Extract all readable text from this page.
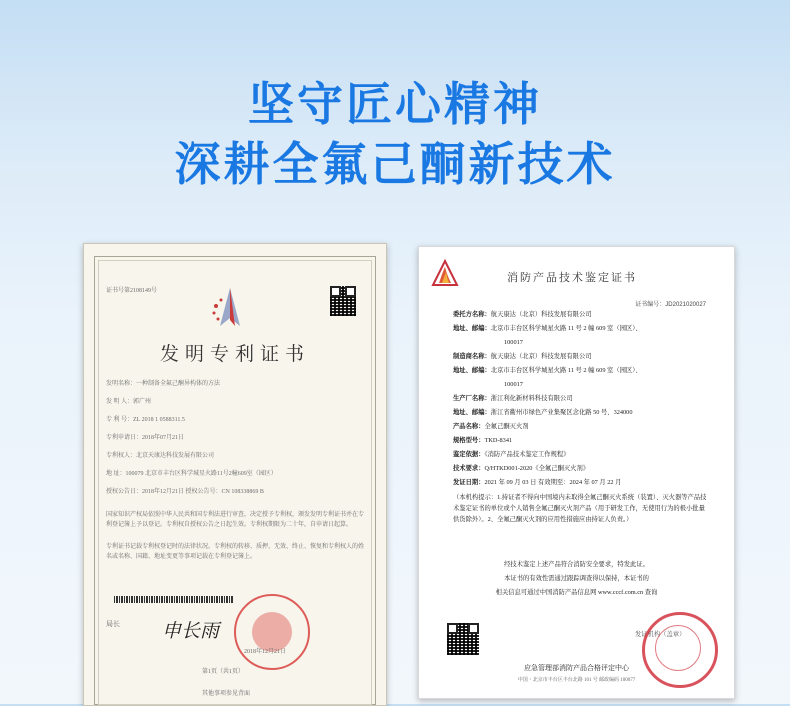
坚守匠心精神
深耕全氟己酮新技术
证书号第2108149号
发明专利证书
发明名称：一种制备全氟己酮异构体的方法
发 明 人：郭广州
专 利 号：ZL 2018 1 0588311.5
专利申请日：2018年07月21日
专利权人：北京天康达科技发展有限公司
地 址：100079 北京市丰台区科学城星火路11号2幢609室（园区）
授权公告日：2018年12月21日 授权公告号：CN 108338869 B
国家知识产权局依照中华人民共和国专利法进行审查，决定授予专利权，颁发发明专利证书并在专利登记簿上予以登记。专利权自授权公告之日起生效。专利权期限为二十年，自申请日起算。
专利证书记载专利权登记时的法律状况。专利权的转移、质押、无效、终止、恢复和专利权人的姓名或名称、国籍、地址变更等事项记载在专利登记簿上。
局长 申长雨
2018年12月21日
第1页（共1页）
其他事项参见背面
消防产品技术鉴定证书
证书编号：JD2021020027
委托方名称：航天康达（北京）科技发展有限公司
地址、邮编：北京市丰台区科学城星火路 11 号 2 幢 609 室（园区）、
100017
制造商名称：航天康达（北京）科技发展有限公司
地址、邮编：北京市丰台区科学城星火路 11 号 2 幢 609 室（园区）、
100017
生产厂名称：浙江利化新材料科技有限公司
地址、邮编：浙江省衢州市绿色产业集聚区念化路 50 号、324000
产品名称：全氟己酮灭火剂
规格型号：TKD-8341
鉴定依据：《消防产品技术鉴定工作规程》
技术要求：Q/HTKD001-2020《全氟己酮灭火剂》
发证日期：2021 年 09 月 03 日 有效期至：2024 年 07 月 22 月
（本机构提示：1.持证者不得向中国境内未取得全氟己酮灭火系统（装置）、灭火器等产品技术鉴定证书的单位或个人销售全氟己酮灭火剂产品（用于研发工作，无使用行为的极小批量供货除外）。2、全氟己酮灭火剂的应用性措施应由持证人负责。）
经技术鉴定上述产品符合消防安全要求，特发此证。
本证书的有效性需通过跟踪调查得以保持，本证书的
相关信息可通过中国消防产品信息网 www.cccf.com.cn 查询
发证机构（盖章）
应急管理部消防产品合格评定中心
中国・北京市丰台区丰台北路 101 号 邮政编码 100077
